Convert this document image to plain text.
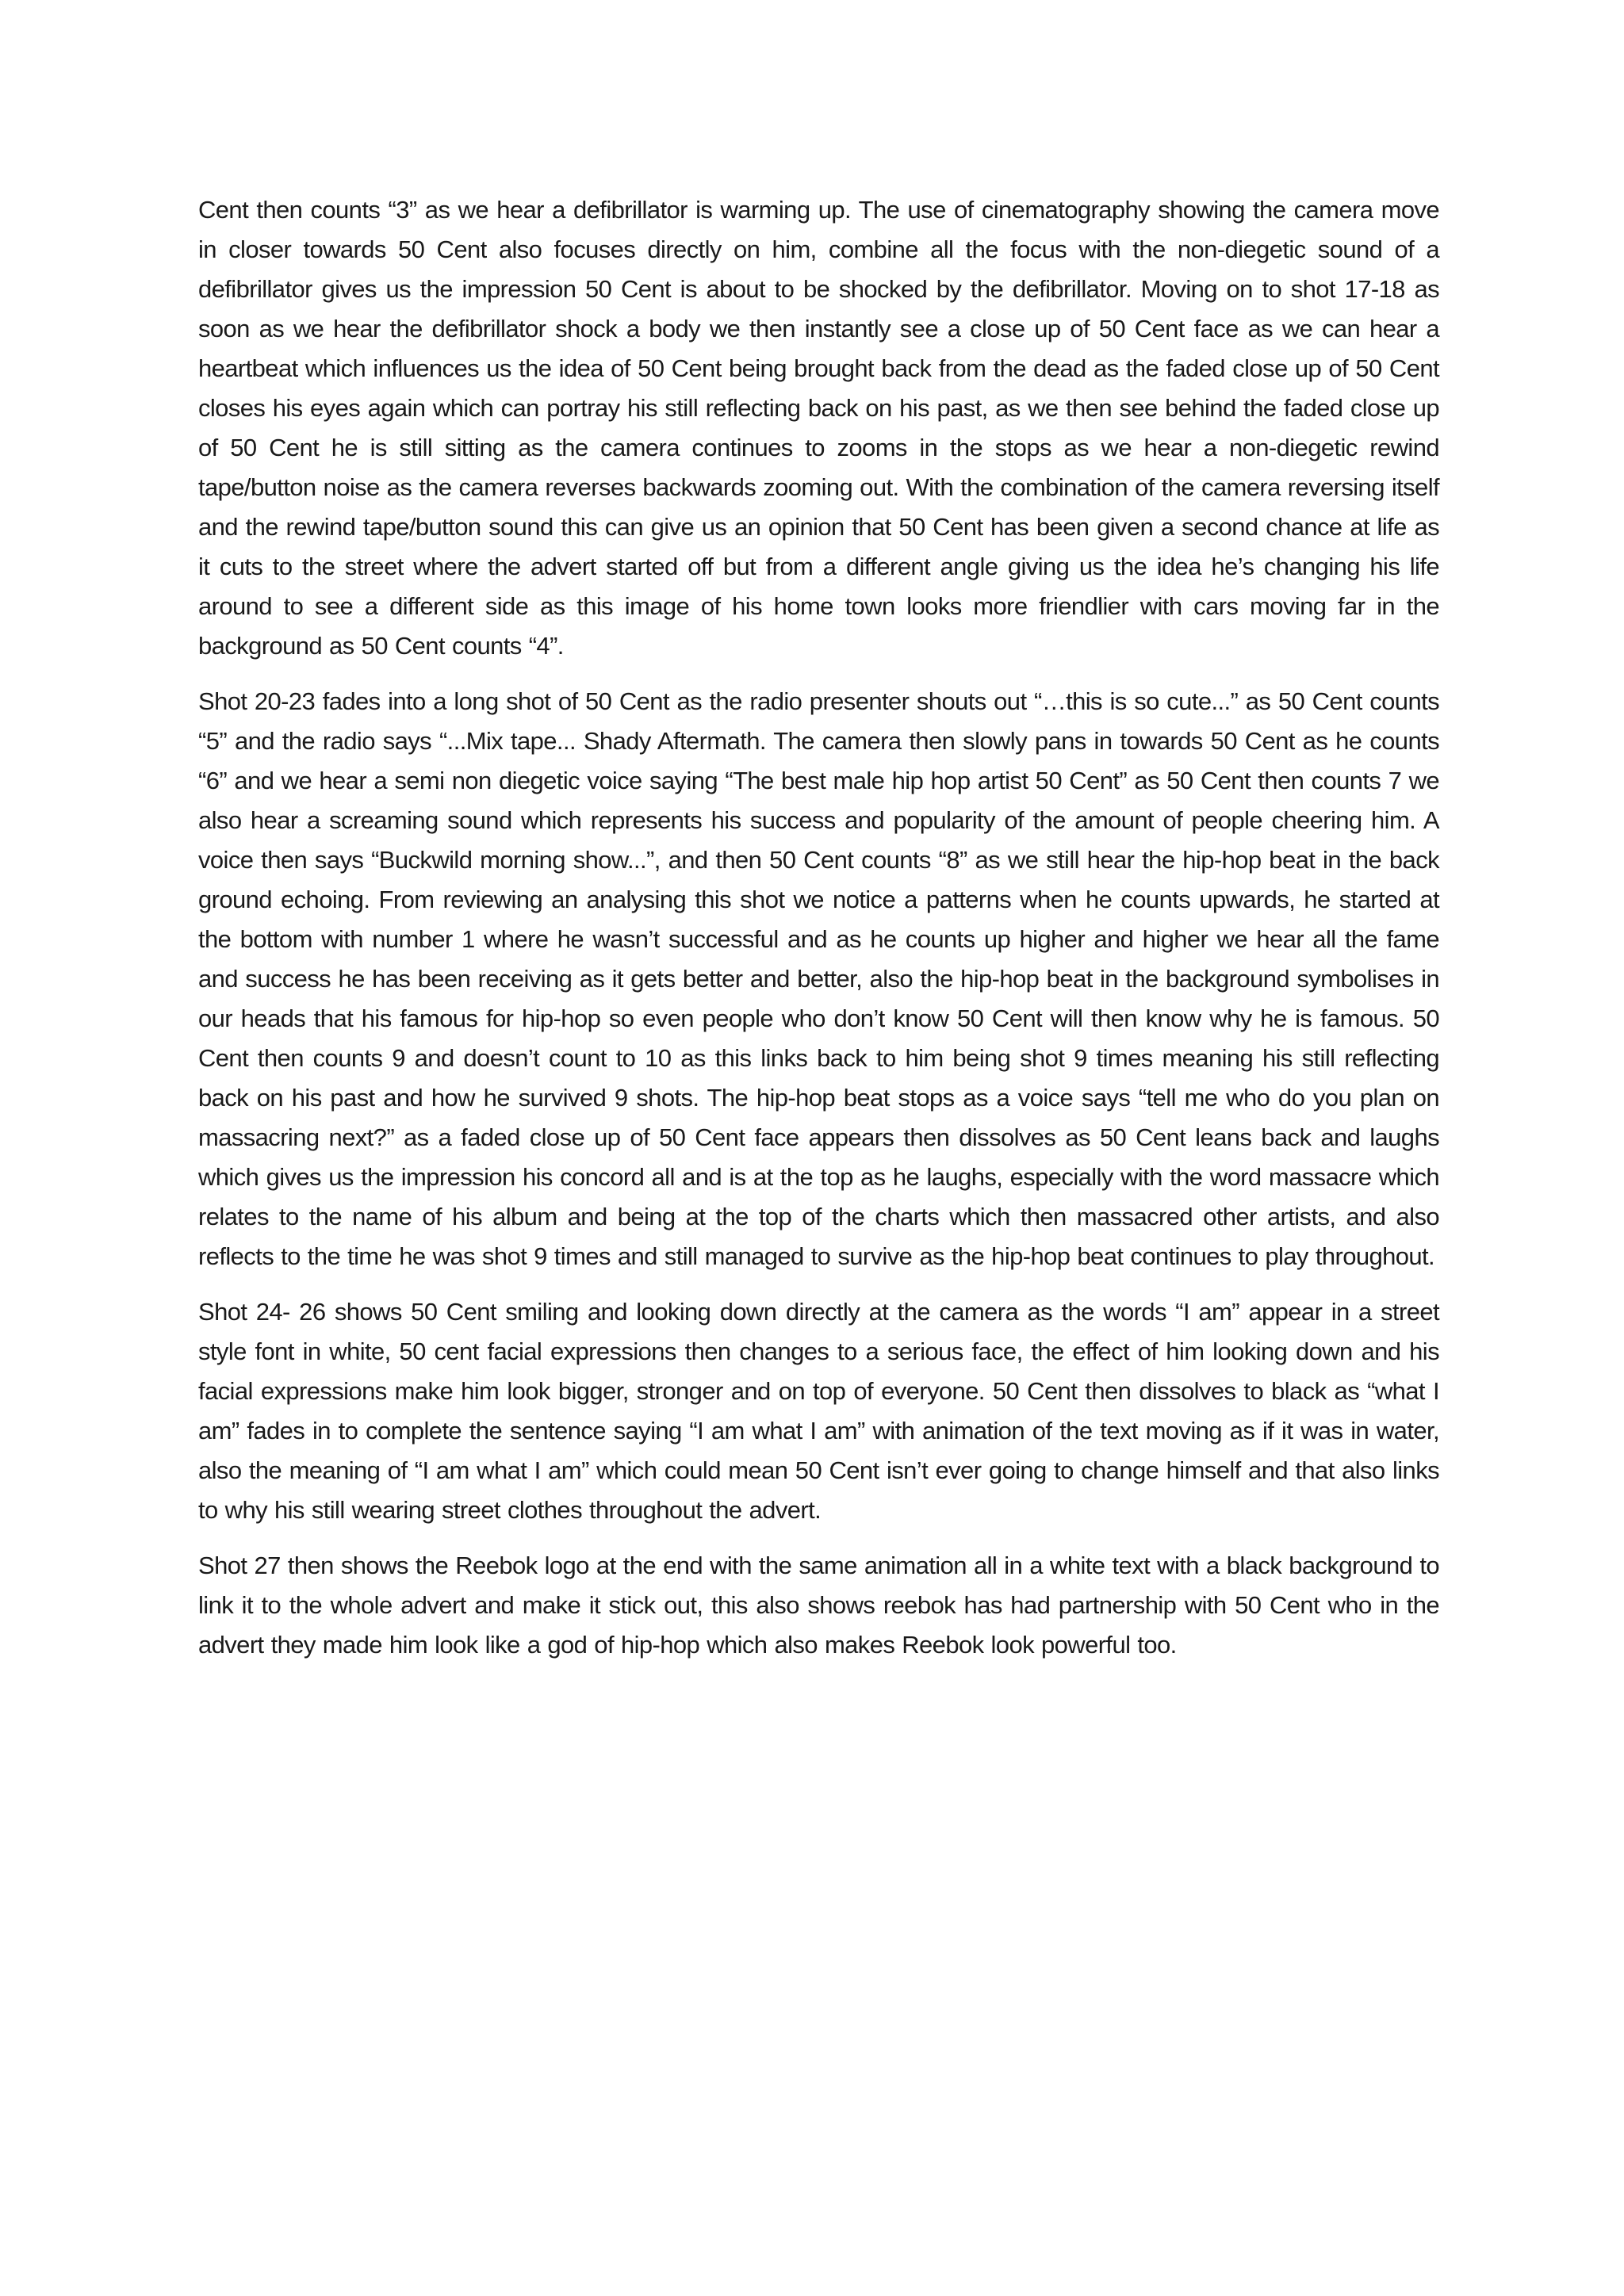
Cent then counts “3” as we hear a defibrillator is warming up. The use of cinematography showing the camera move in closer towards 50 Cent also focuses directly on him, combine all the focus with the non-diegetic sound of a defibrillator gives us the impression 50 Cent is about to be shocked by the defibrillator. Moving on to shot 17-18 as soon as we hear the defibrillator shock a body we then instantly see a close up of 50 Cent face as we can hear a heartbeat which influences us the idea of 50 Cent being brought back from the dead as the faded close up of 50 Cent closes his eyes again which can portray his still reflecting back on his past, as we then see behind the faded close up of 50 Cent he is still sitting as the camera continues to zooms in the stops as we hear a non-diegetic rewind tape/button noise as the camera reverses backwards zooming out. With the combination of the camera reversing itself and the rewind tape/button sound this can give us an opinion that 50 Cent has been given a second chance at life as it cuts to the street where the advert started off but from a different angle giving us the idea he’s changing his life around to see a different side as this image of his home town looks more friendlier with cars moving far in the background as 50 Cent counts “4”.

Shot 20-23 fades into a long shot of 50 Cent as the radio presenter shouts out “…this is so cute...” as 50 Cent counts “5” and the radio says “...Mix tape... Shady Aftermath. The camera then slowly pans in towards 50 Cent as he counts “6” and we hear a semi non diegetic voice saying “The best male hip hop artist 50 Cent” as 50 Cent then counts 7 we also hear a screaming sound which represents his success and popularity of the amount of people cheering him. A voice then says “Buckwild morning show...”, and then 50 Cent counts “8” as we still hear the hip-hop beat in the back ground echoing. From reviewing an analysing this shot we notice a patterns when he counts upwards, he started at the bottom with number 1 where he wasn’t successful and as he counts up higher and higher we hear all the fame and success he has been receiving as it gets better and better, also the hip-hop beat in the background symbolises in our heads that his famous for hip-hop so even people who don’t know 50 Cent will then know why he is famous. 50 Cent then counts 9 and doesn’t count to 10 as this links back to him being shot 9 times meaning his still reflecting back on his past and how he survived 9 shots. The hip-hop beat stops as a voice says “tell me who do you plan on massacring next?” as a faded close up of 50 Cent face appears then dissolves as 50 Cent leans back and laughs which gives us the impression his concord all and is at the top as he laughs, especially with the word massacre which relates to the name of his album and being at the top of the charts which then massacred other artists, and also reflects to the time he was shot 9 times and still managed to survive as the hip-hop beat continues to play throughout.

Shot 24- 26 shows 50 Cent smiling and looking down directly at the camera as the words “I am” appear in a street style font in white, 50 cent facial expressions then changes to a serious face, the effect of him looking down and his facial expressions make him look bigger, stronger and on top of everyone. 50 Cent then dissolves to black as “what I am” fades in to complete the sentence saying “I am what I am” with animation of the text moving as if it was in water, also the meaning of “I am what I am” which could mean 50 Cent isn’t ever going to change himself and that also links to why his still wearing street clothes throughout the advert.

Shot 27 then shows the Reebok logo at the end with the same animation all in a white text with a black background to link it to the whole advert and make it stick out, this also shows reebok has had partnership with 50 Cent who in the advert they made him look like a god of hip-hop which also makes Reebok look powerful too.
